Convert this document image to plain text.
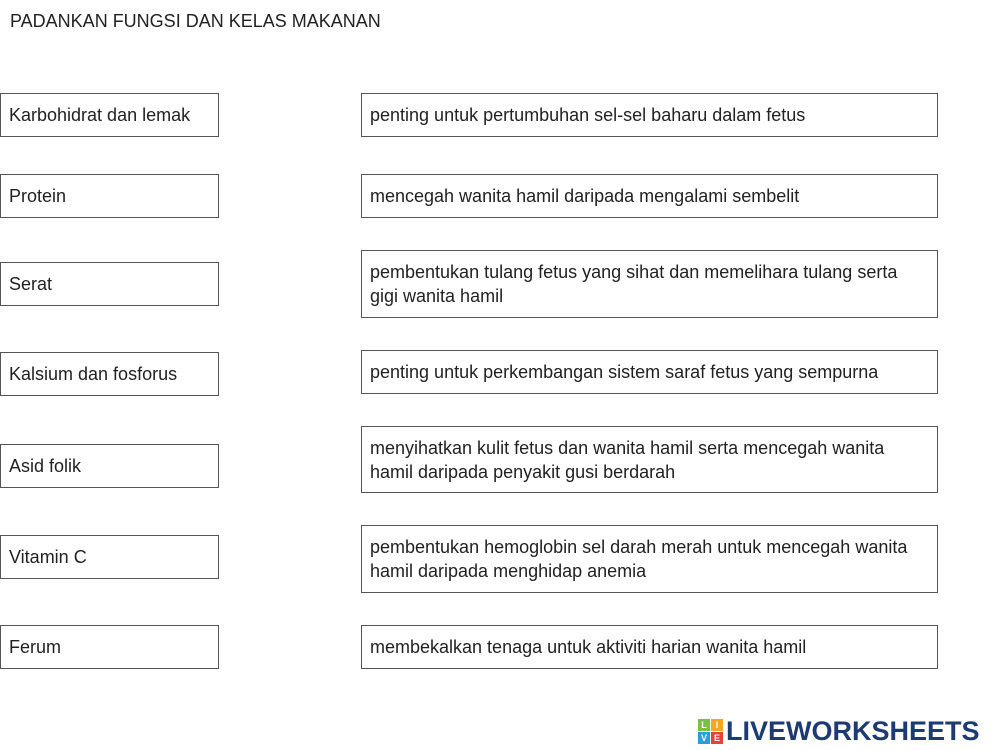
PADANKAN FUNGSI DAN KELAS MAKANAN
Karbohidrat dan lemak
Protein
Serat
Kalsium dan fosforus
Asid folik
Vitamin C
Ferum
penting untuk pertumbuhan sel-sel baharu dalam fetus
mencegah wanita hamil daripada mengalami sembelit
pembentukan tulang fetus yang sihat dan memelihara tulang serta gigi wanita hamil
penting untuk perkembangan sistem saraf fetus yang sempurna
menyihatkan kulit fetus dan wanita hamil serta mencegah wanita hamil daripada penyakit gusi berdarah
pembentukan hemoglobin sel darah merah untuk mencegah wanita hamil daripada menghidap anemia
membekalkan tenaga untuk aktiviti harian wanita hamil
L I
V E LIVEWORKSHEETS
